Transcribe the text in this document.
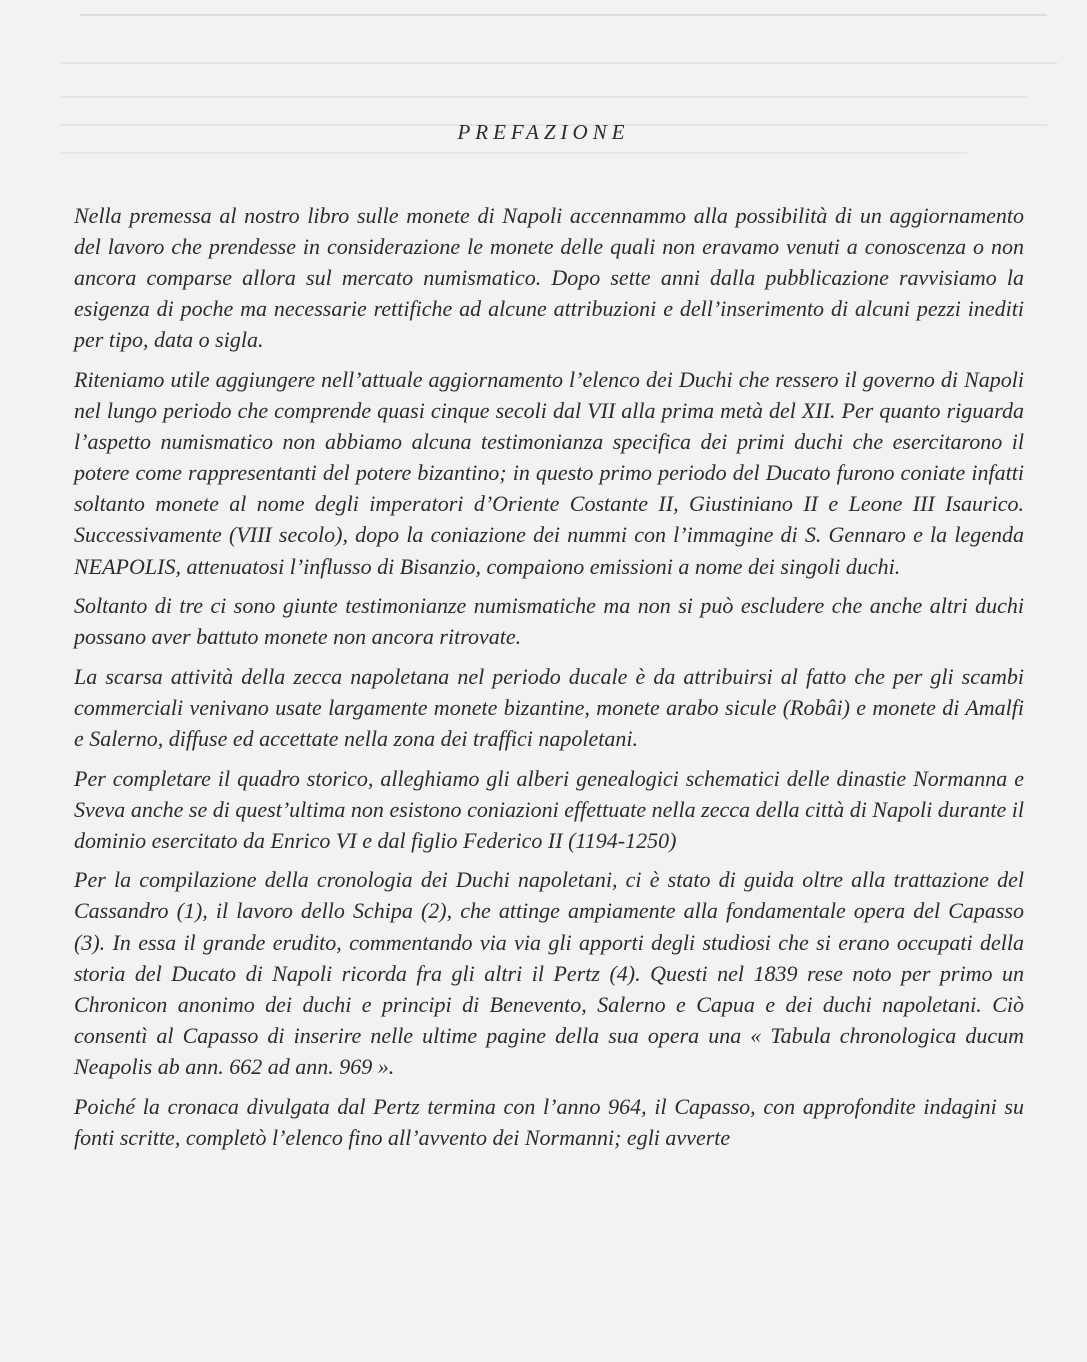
PREFAZIONE

Nella premessa al nostro libro sulle monete di Napoli accennammo alla possibilità di un aggiornamento del lavoro che prendesse in considerazione le monete delle quali non eravamo venuti a conoscenza o non ancora comparse allora sul mercato numismatico. Dopo sette anni dalla pubblicazione ravvisiamo la esigenza di poche ma necessarie rettifiche ad alcune attribuzioni e dell’inserimento di alcuni pezzi inediti per tipo, data o sigla.

Riteniamo utile aggiungere nell’attuale aggiornamento l’elenco dei Duchi che ressero il governo di Napoli nel lungo periodo che comprende quasi cinque secoli dal VII alla prima metà del XII. Per quanto riguarda l’aspetto numismatico non abbiamo alcuna testimonianza specifica dei primi duchi che esercitarono il potere come rappresentanti del potere bizantino; in questo primo periodo del Ducato furono coniate infatti soltanto monete al nome degli imperatori d’Oriente Costante II, Giustiniano II e Leone III Isaurico. Successivamente (VIII secolo), dopo la coniazione dei nummi con l’immagine di S. Gennaro e la legenda NEAPOLIS, attenuatosi l’influsso di Bisanzio, compaiono emissioni a nome dei singoli duchi.

Soltanto di tre ci sono giunte testimonianze numismatiche ma non si può escludere che anche altri duchi possano aver battuto monete non ancora ritrovate.

La scarsa attività della zecca napoletana nel periodo ducale è da attribuirsi al fatto che per gli scambi commerciali venivano usate largamente monete bizantine, monete arabo sicule (Robâi) e monete di Amalfi e Salerno, diffuse ed accettate nella zona dei traffici napoletani.

Per completare il quadro storico, alleghiamo gli alberi genealogici schematici delle dinastie Normanna e Sveva anche se di quest’ultima non esistono coniazioni effettuate nella zecca della città di Napoli durante il dominio esercitato da Enrico VI e dal figlio Federico II (1194-1250)

Per la compilazione della cronologia dei Duchi napoletani, ci è stato di guida oltre alla trattazione del Cassandro (1), il lavoro dello Schipa (2), che attinge ampiamente alla fondamentale opera del Capasso (3). In essa il grande erudito, commentando via via gli apporti degli studiosi che si erano occupati della storia del Ducato di Napoli ricorda fra gli altri il Pertz (4). Questi nel 1839 rese noto per primo un Chronicon anonimo dei duchi e principi di Benevento, Salerno e Capua e dei duchi napoletani. Ciò consentì al Capasso di inserire nelle ultime pagine della sua opera una « Tabula chronologica ducum Neapolis ab ann. 662 ad ann. 969 ».

Poiché la cronaca divulgata dal Pertz termina con l’anno 964, il Capasso, con approfondite indagini su fonti scritte, completò l’elenco fino all’avvento dei Normanni; egli avverte
